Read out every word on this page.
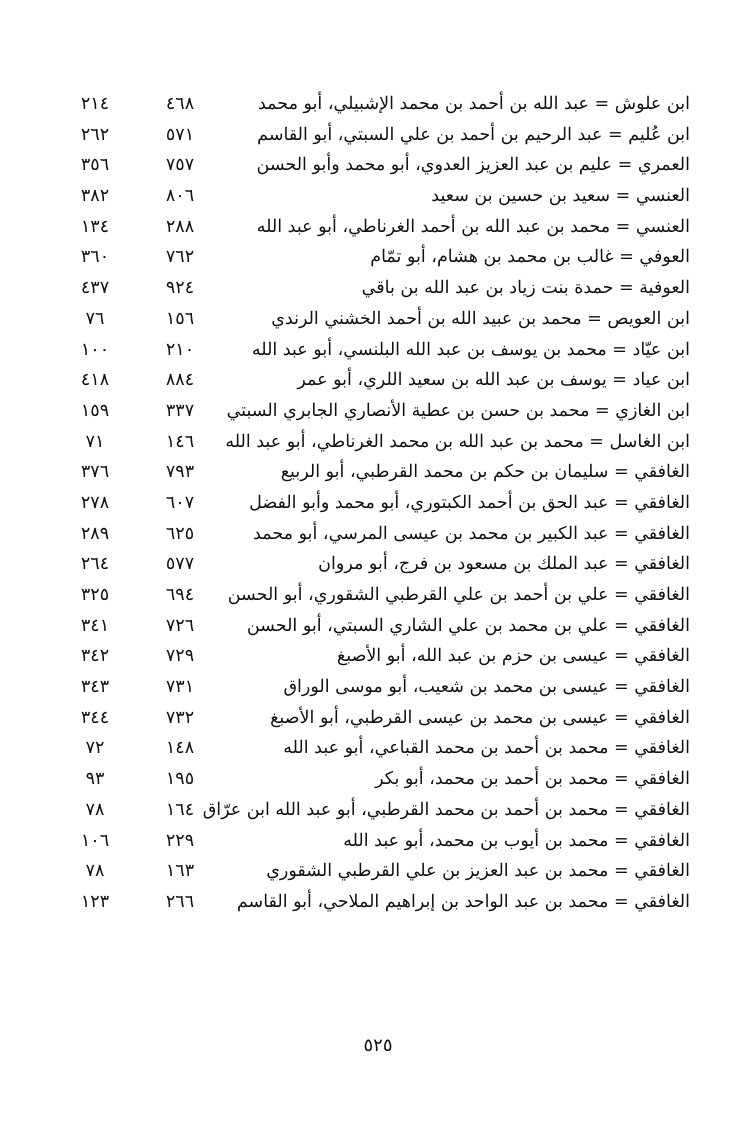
ابن علوش = عبد الله بن أحمد بن محمد الإشبيلي، أبو محمد
٤٦٨
٢١٤
ابن عُليم = عبد الرحيم بن أحمد بن علي السبتي، أبو القاسم
٥٧١
٢٦٢
العمري = عليم بن عبد العزيز العدوي، أبو محمد وأبو الحسن
٧٥٧
٣٥٦
العنسي = سعيد بن حسين بن سعيد
٨٠٦
٣٨٢
العنسي = محمد بن عبد الله بن أحمد الغرناطي، أبو عبد الله
٢٨٨
١٣٤
العوفي = غالب بن محمد بن هشام، أبو تمّام
٧٦٢
٣٦٠
العوفية = حمدة بنت زياد بن عبد الله بن باقي
٩٢٤
٤٣٧
ابن العويص = محمد بن عبيد الله بن أحمد الخشني الرندي
١٥٦
٧٦
ابن عيّاد = محمد بن يوسف بن عبد الله البلنسي، أبو عبد الله
٢١٠
١٠٠
ابن عياد = يوسف بن عبد الله بن سعيد اللري، أبو عمر
٨٨٤
٤١٨
ابن الغازي = محمد بن حسن بن عطية الأنصاري الجابري السبتي
٣٣٧
١٥٩
ابن الغاسل = محمد بن عبد الله بن محمد الغرناطي، أبو عبد الله
١٤٦
٧١
الغافقي = سليمان بن حكم بن محمد القرطبي، أبو الربيع
٧٩٣
٣٧٦
الغافقي = عبد الحق بن أحمد الكبتوري، أبو محمد وأبو الفضل
٦٠٧
٢٧٨
الغافقي = عبد الكبير بن محمد بن عيسى المرسي، أبو محمد
٦٢٥
٢٨٩
الغافقي = عبد الملك بن مسعود بن فرج، أبو مروان
٥٧٧
٢٦٤
الغافقي = علي بن أحمد بن علي القرطبي الشقوري، أبو الحسن
٦٩٤
٣٢٥
الغافقي = علي بن محمد بن علي الشاري السبتي، أبو الحسن
٧٢٦
٣٤١
الغافقي = عيسى بن حزم بن عبد الله، أبو الأصبغ
٧٢٩
٣٤٢
الغافقي = عيسى بن محمد بن شعيب، أبو موسى الوراق
٧٣١
٣٤٣
الغافقي = عيسى بن محمد بن عيسى القرطبي، أبو الأصبغ
٧٣٢
٣٤٤
الغافقي = محمد بن أحمد بن محمد القباعي، أبو عبد الله
١٤٨
٧٢
الغافقي = محمد بن أحمد بن محمد، أبو بكر
١٩٥
٩٣
الغافقي = محمد بن أحمد بن محمد القرطبي، أبو عبد الله ابن عرّاق
١٦٤
٧٨
الغافقي = محمد بن أيوب بن محمد، أبو عبد الله
٢٢٩
١٠٦
الغافقي = محمد بن عبد العزيز بن علي القرطبي الشقوري
١٦٣
٧٨
الغافقي = محمد بن عبد الواحد بن إبراهيم الملاحي، أبو القاسم
٢٦٦
١٢٣
٥٢٥
